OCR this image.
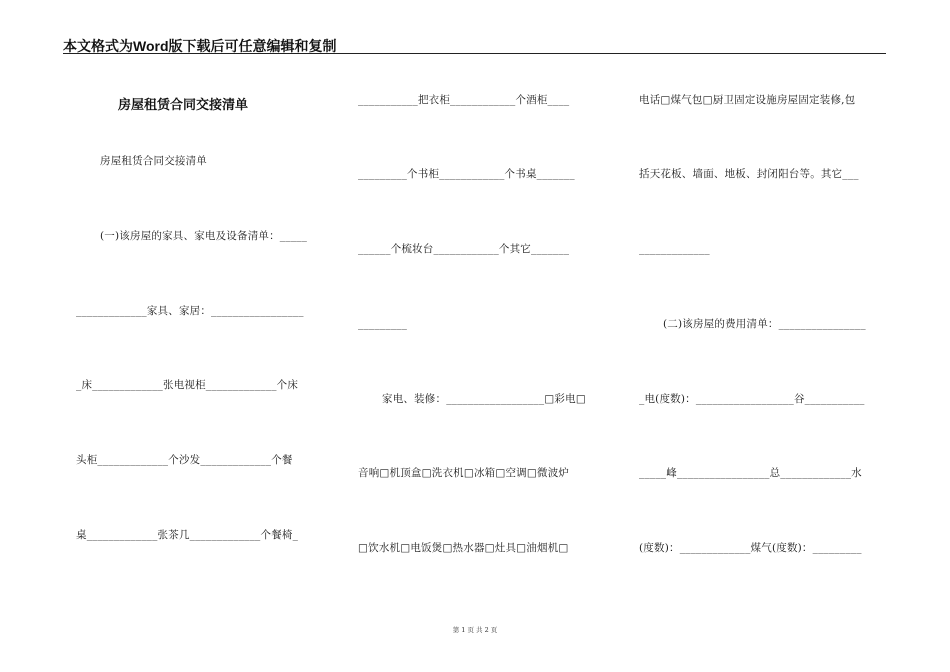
本文格式为Word版下载后可任意编辑和复制
房屋租赁合同交接清单
房屋租赁合同交接清单
(一)该房屋的家具、家电及设备清单：_____
_____________家具、家居：_________________
_床_____________张电视柜_____________个床
头柜_____________个沙发_____________个餐
桌_____________张茶几_____________个餐椅_
___________把衣柜____________个酒柜____
_________个书柜____________个书桌_______
______个梳妆台____________个其它_______
_________
家电、装修：__________________□彩电□
音响□机顶盒□洗衣机□冰箱□空调□微波炉
□饮水机□电饭煲□热水器□灶具□油烟机□
电话□煤气包□厨卫固定设施房屋固定装修,包
括天花板、墙面、地板、封闭阳台等。其它___
_____________
(二)该房屋的费用清单：________________
_电(度数)：__________________谷___________
_____峰_________________总_____________水
(度数)：_____________煤气(度数)：_________
第 1 页 共 2 页
